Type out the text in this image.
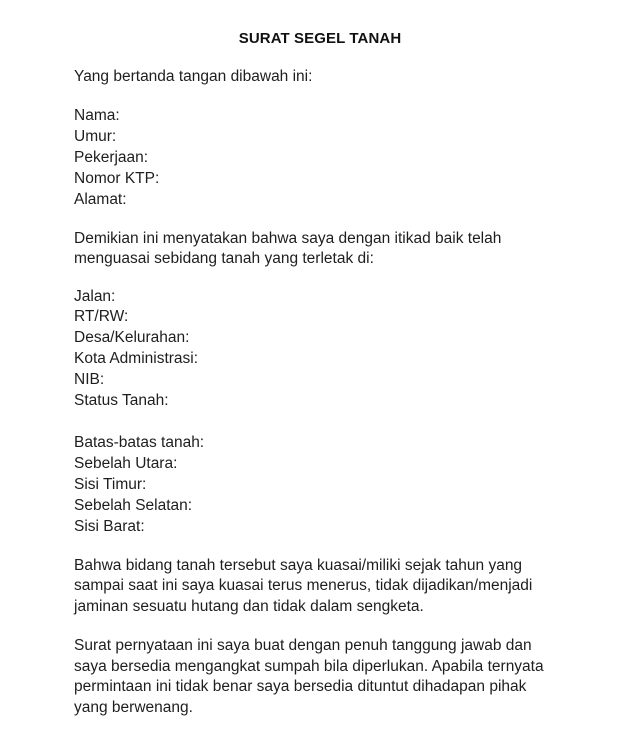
SURAT SEGEL TANAH
Yang bertanda tangan dibawah ini:
Nama:
Umur:
Pekerjaan:
Nomor KTP:
Alamat:
Demikian ini menyatakan bahwa saya dengan itikad baik telah
menguasai sebidang tanah yang terletak di:
Jalan:
RT/RW:
Desa/Kelurahan:
Kota Administrasi:
NIB:
Status Tanah:
Batas-batas tanah:
Sebelah Utara:
Sisi Timur:
Sebelah Selatan:
Sisi Barat:
Bahwa bidang tanah tersebut saya kuasai/miliki sejak tahun yang
sampai saat ini saya kuasai terus menerus, tidak dijadikan/menjadi
jaminan sesuatu hutang dan tidak dalam sengketa.
Surat pernyataan ini saya buat dengan penuh tanggung jawab dan
saya bersedia mengangkat sumpah bila diperlukan. Apabila ternyata
permintaan ini tidak benar saya bersedia dituntut dihadapan pihak
yang berwenang.
